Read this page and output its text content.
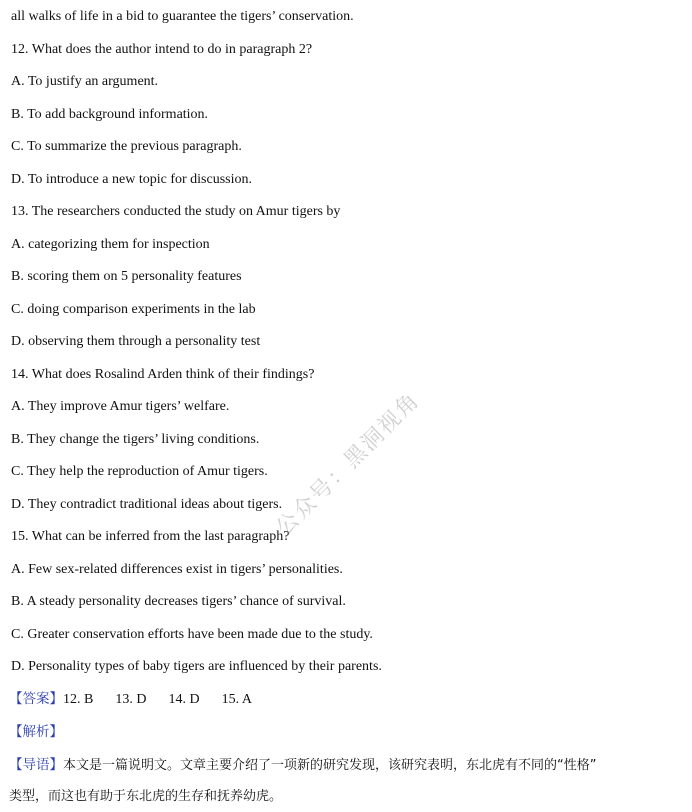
all walks of life in a bid to guarantee the tigers’ conservation.
12. What does the author intend to do in paragraph 2?
A. To justify an argument.
B. To add background information.
C. To summarize the previous paragraph.
D. To introduce a new topic for discussion.
13. The researchers conducted the study on Amur tigers by
A. categorizing them for inspection
B. scoring them on 5 personality features
C. doing comparison experiments in the lab
D. observing them through a personality test
14. What does Rosalind Arden think of their findings?
A. They improve Amur tigers’ welfare.
B. They change the tigers’ living conditions.
C. They help the reproduction of Amur tigers.
D. They contradict traditional ideas about tigers.
15. What can be inferred from the last paragraph?
A. Few sex-related differences exist in tigers’ personalities.
B. A steady personality decreases tigers’ chance of survival.
C. Greater conservation efforts have been made due to the study.
D. Personality types of baby tigers are influenced by their parents.
【答案】12. B 13. D 14. D 15. A
【解析】
【导语】本文是一篇说明文。文章主要介绍了一项新的研究发现，该研究表明，东北虎有不同的“性格”
类型，而这也有助于东北虎的生存和抚养幼虎。
公众号：黑洞视角
